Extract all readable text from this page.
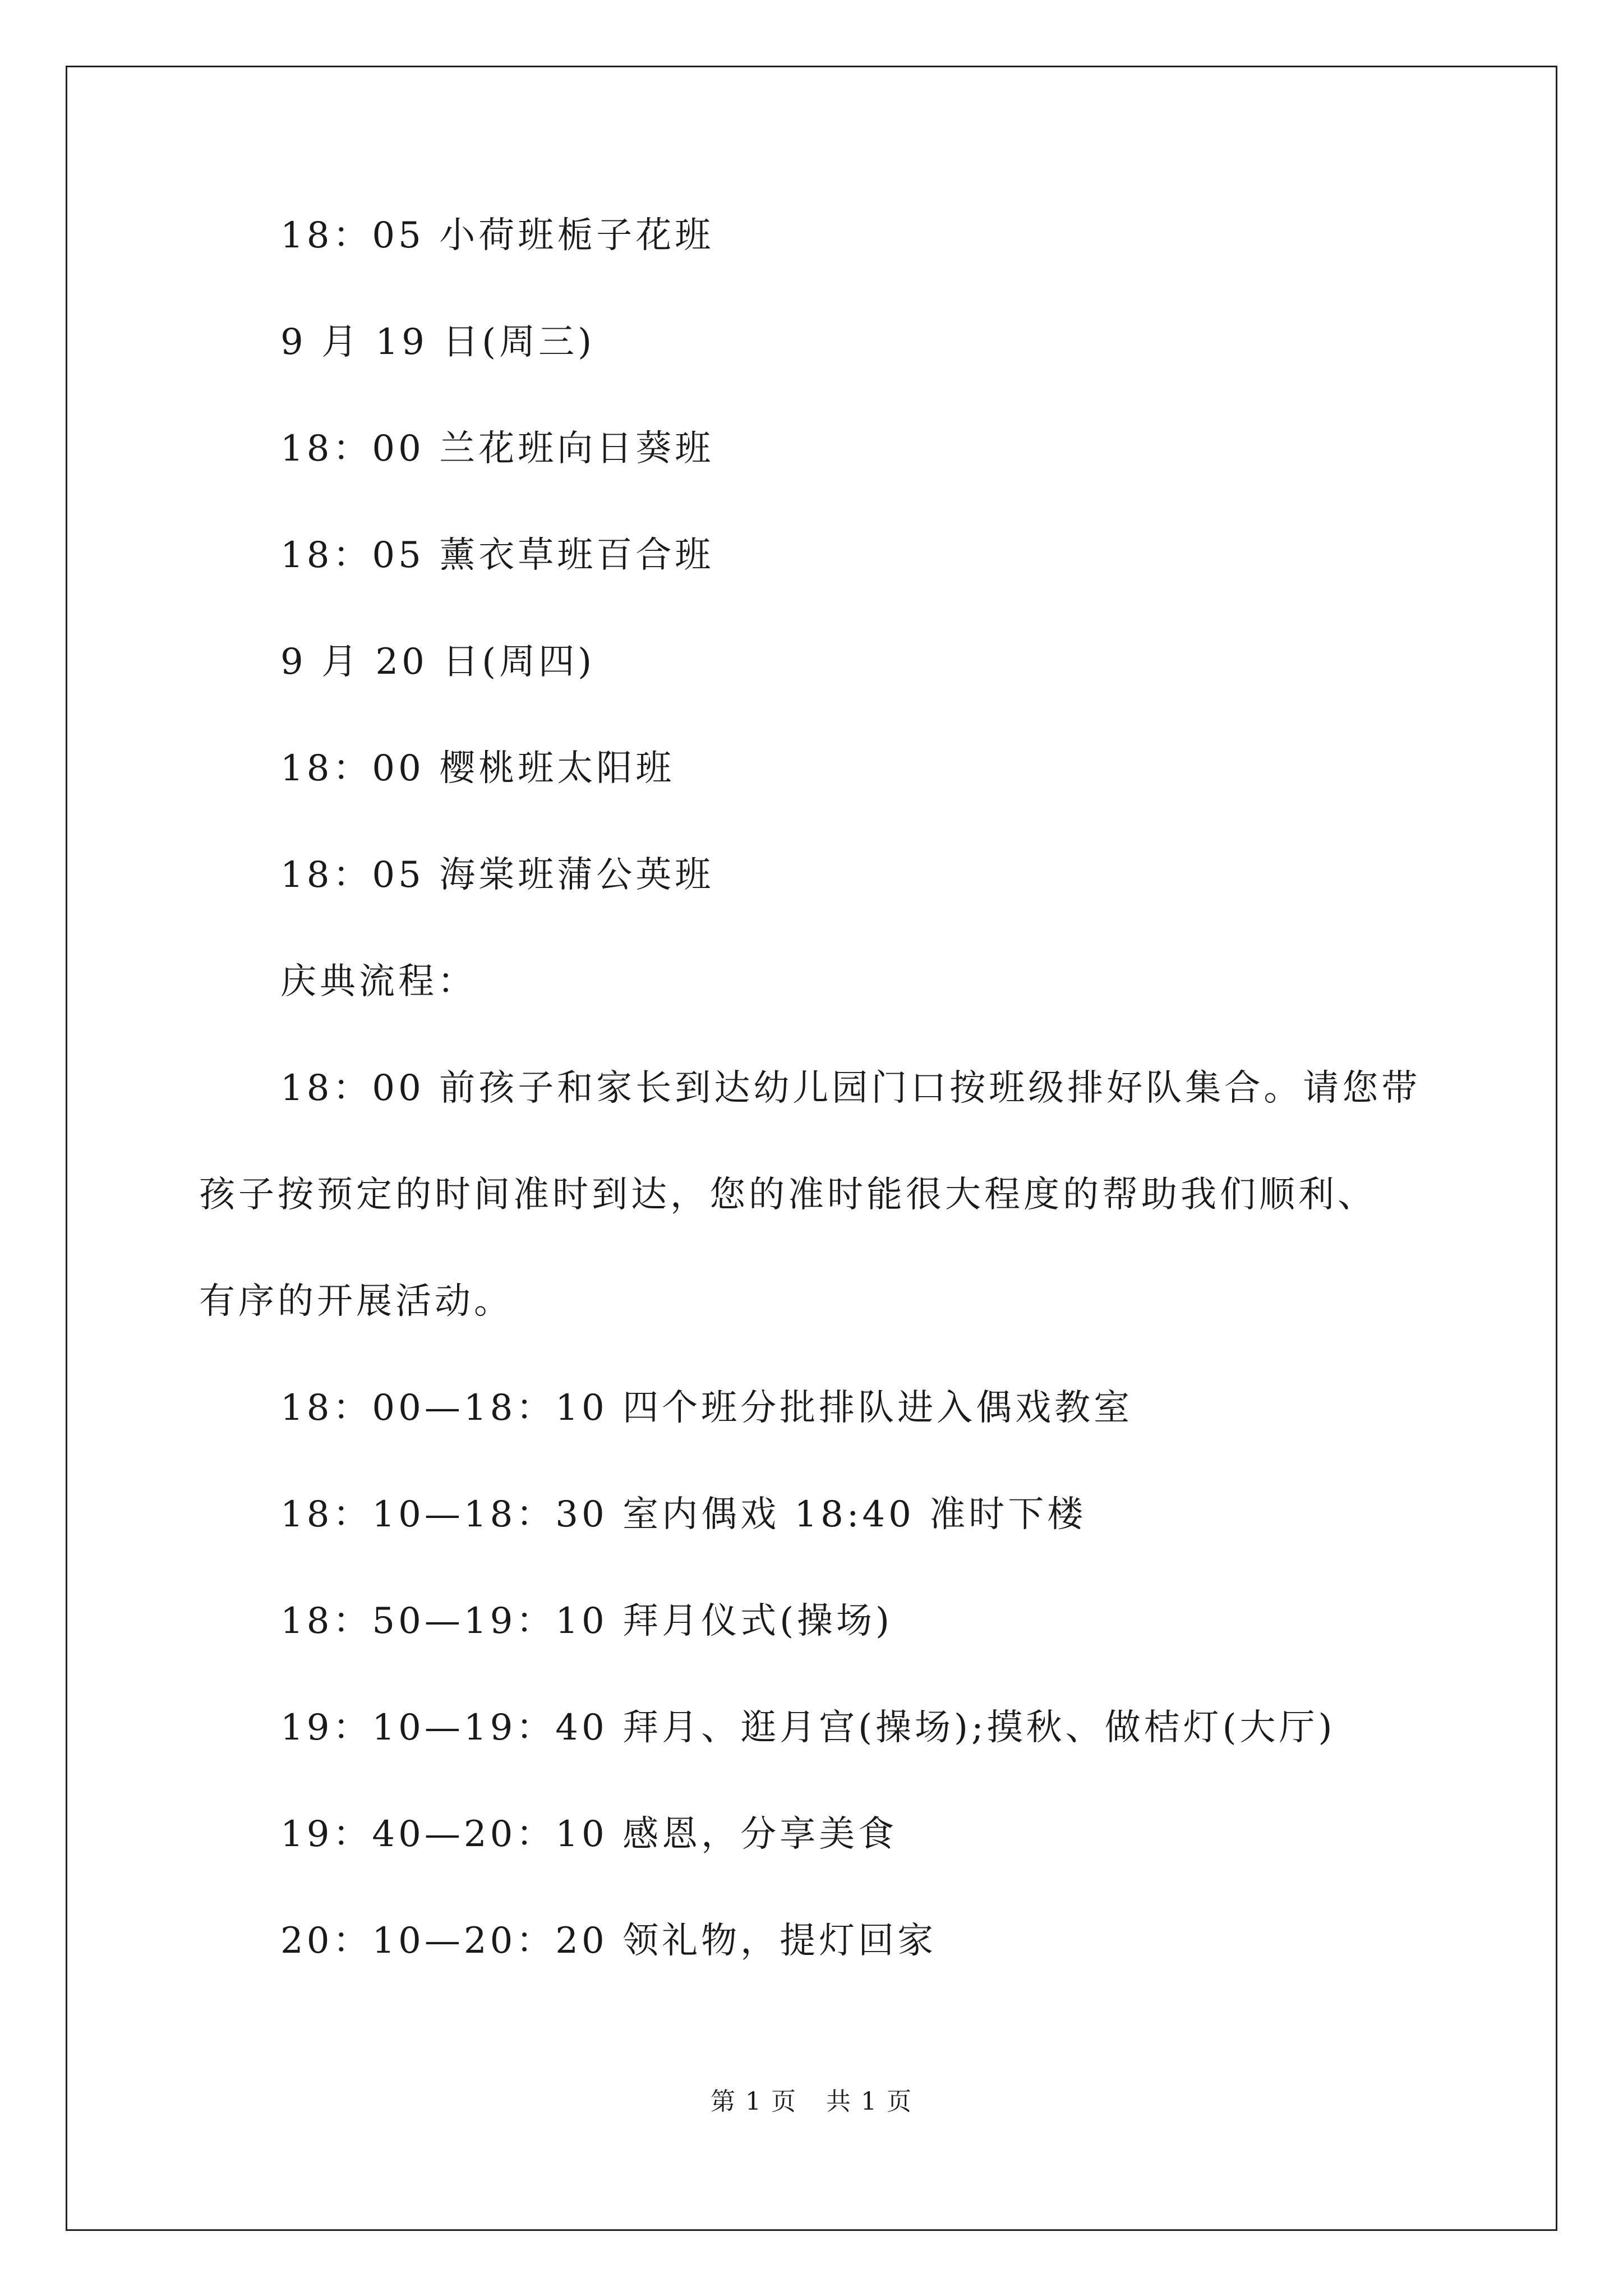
18：05 小荷班栀子花班
9 月 19 日(周三)
18：00 兰花班向日葵班
18：05 薰衣草班百合班
9 月 20 日(周四)
18：00 樱桃班太阳班
18：05 海棠班蒲公英班
庆典流程：
18：00 前孩子和家长到达幼儿园门口按班级排好队集合。请您带
孩子按预定的时间准时到达，您的准时能很大程度的帮助我们顺利、
有序的开展活动。
18：00—18：10 四个班分批排队进入偶戏教室
18：10—18：30 室内偶戏 18:40 准时下楼
18：50—19：10 拜月仪式(操场)
19：10—19：40 拜月、逛月宫(操场);摸秋、做桔灯(大厅)
19：40—20：10 感恩，分享美食
20：10—20：20 领礼物，提灯回家
第 1 页 共 1 页
